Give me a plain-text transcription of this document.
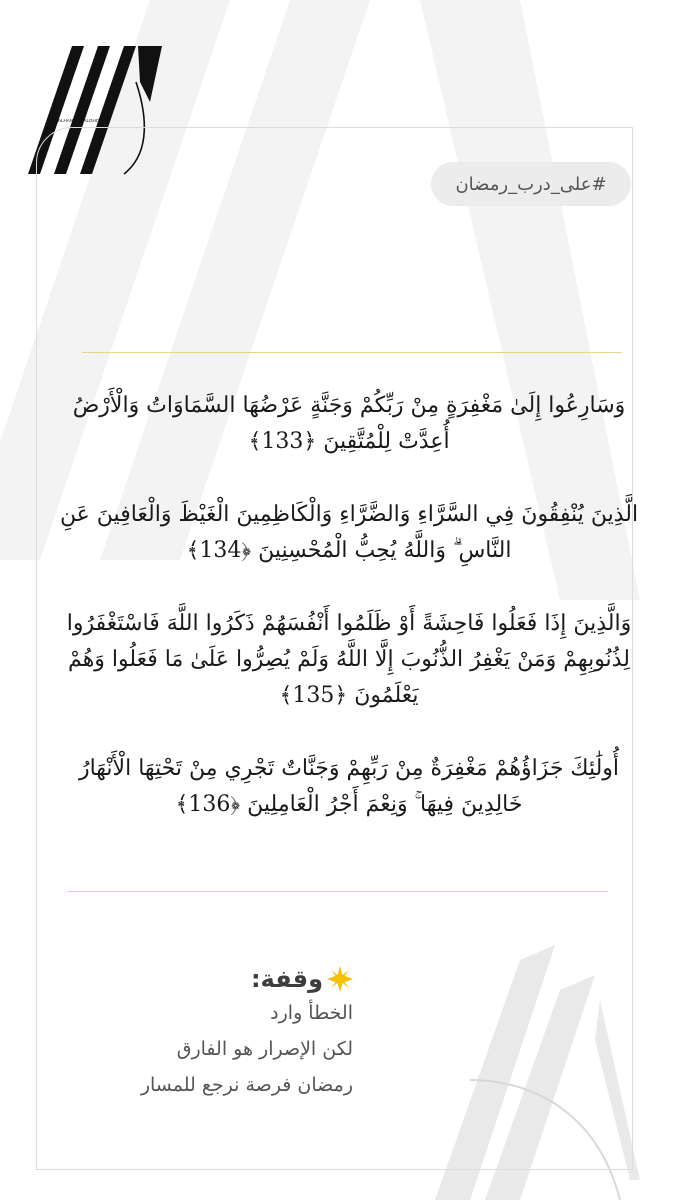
ALHANOUF ALGHOFAILI
#على_درب_رمضان

وَسَارِعُوا إِلَىٰ مَغْفِرَةٍ مِنْ رَبِّكُمْ وَجَنَّةٍ عَرْضُهَا السَّمَاوَاتُ وَالْأَرْضُ أُعِدَّتْ لِلْمُتَّقِينَ ﴿133﴾

الَّذِينَ يُنْفِقُونَ فِي السَّرَّاءِ وَالضَّرَّاءِ وَالْكَاظِمِينَ الْغَيْظَ وَالْعَافِينَ عَنِ النَّاسِ ۗ وَاللَّهُ يُحِبُّ الْمُحْسِنِينَ ﴿134﴾

وَالَّذِينَ إِذَا فَعَلُوا فَاحِشَةً أَوْ ظَلَمُوا أَنْفُسَهُمْ ذَكَرُوا اللَّهَ فَاسْتَغْفَرُوا لِذُنُوبِهِمْ وَمَنْ يَغْفِرُ الذُّنُوبَ إِلَّا اللَّهُ وَلَمْ يُصِرُّوا عَلَىٰ مَا فَعَلُوا وَهُمْ يَعْلَمُونَ ﴿135﴾

أُولَٰئِكَ جَزَاؤُهُمْ مَغْفِرَةٌ مِنْ رَبِّهِمْ وَجَنَّاتٌ تَجْرِي مِنْ تَحْتِهَا الْأَنْهَارُ خَالِدِينَ فِيهَا ۚ وَنِعْمَ أَجْرُ الْعَامِلِينَ ﴿136﴾

وقفة:
الخطأ وارد
لكن الإصرار هو الفارق
رمضان فرصة نرجع للمسار
